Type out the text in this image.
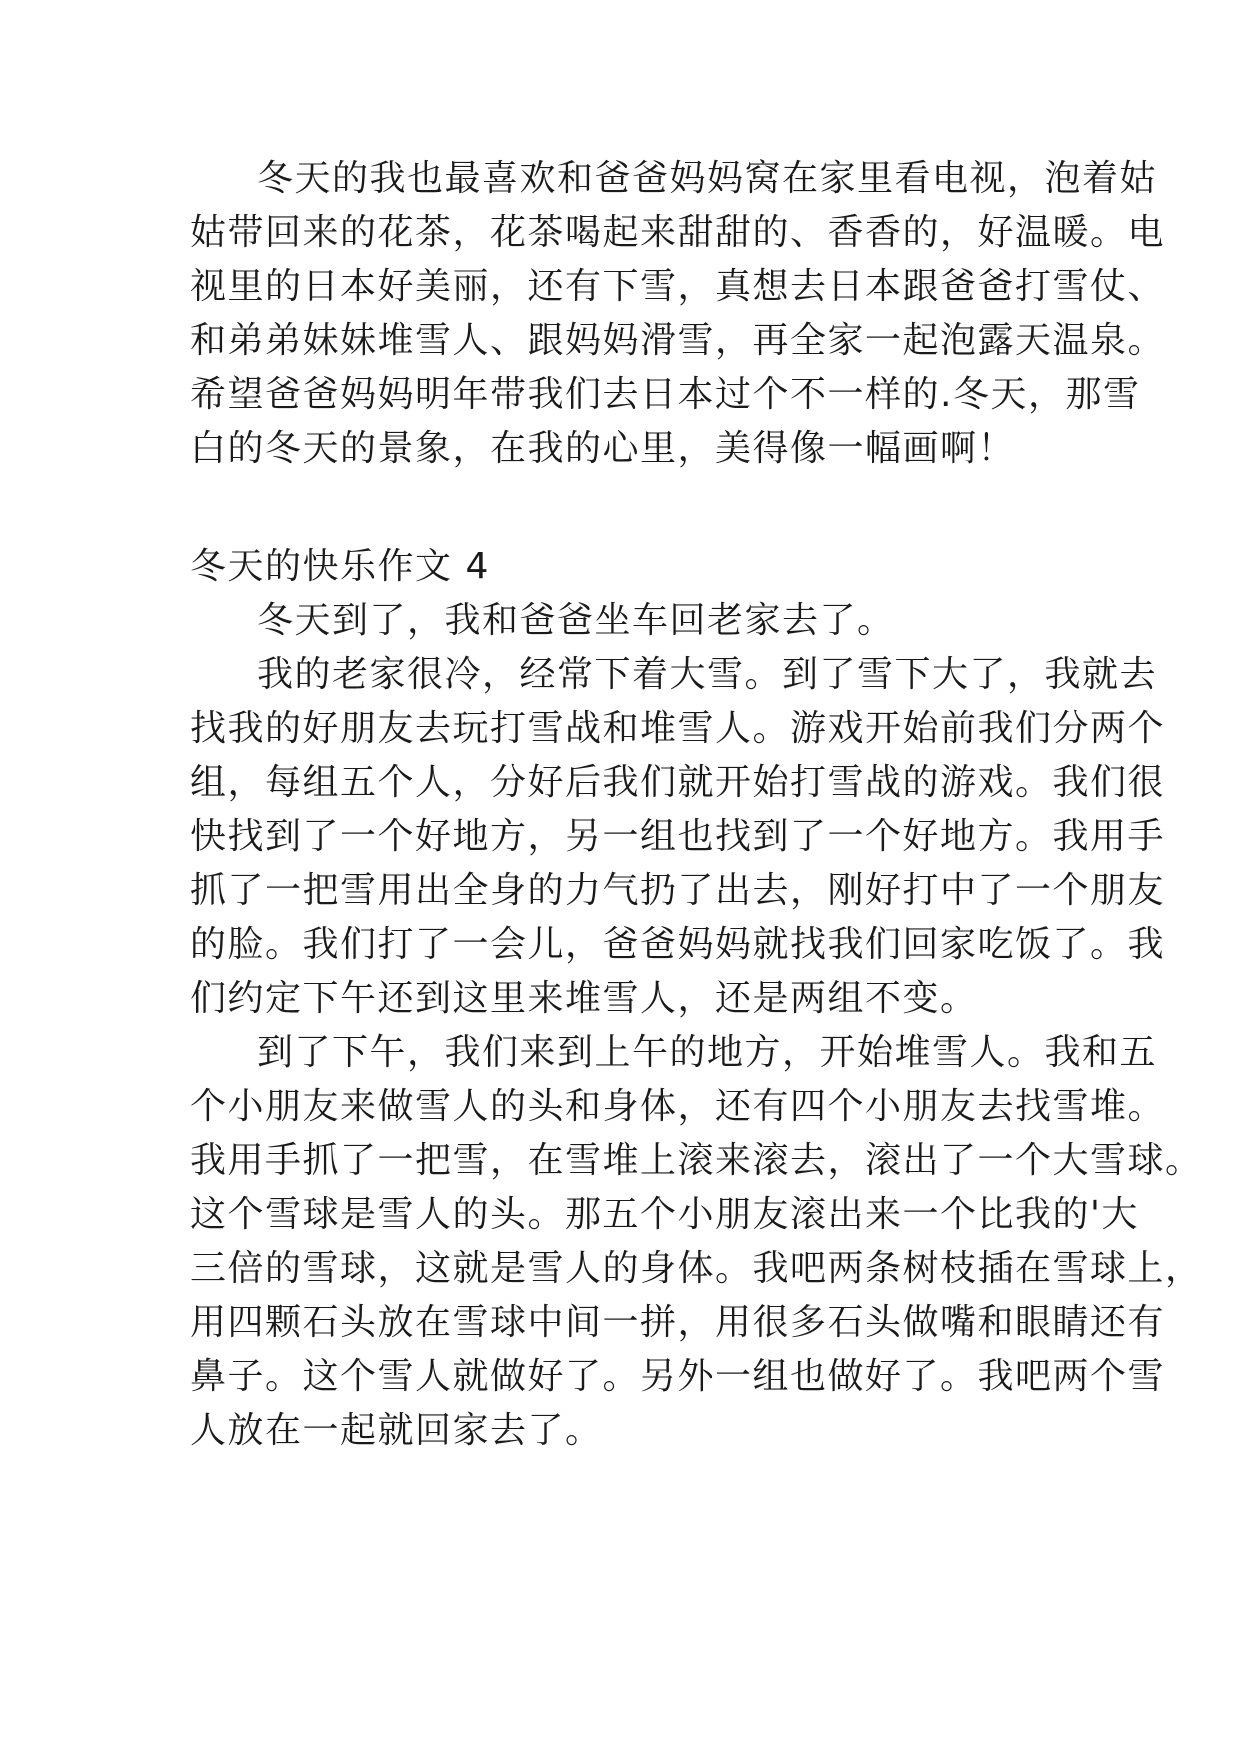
冬天的我也最喜欢和爸爸妈妈窝在家里看电视，泡着姑
姑带回来的花茶，花茶喝起来甜甜的、香香的，好温暖。电
视里的日本好美丽，还有下雪，真想去日本跟爸爸打雪仗、
和弟弟妹妹堆雪人、跟妈妈滑雪，再全家一起泡露天温泉。
希望爸爸妈妈明年带我们去日本过个不一样的.冬天，那雪
白的冬天的景象，在我的心里，美得像一幅画啊！
冬天的快乐作文 4
冬天到了，我和爸爸坐车回老家去了。
我的老家很冷，经常下着大雪。到了雪下大了，我就去
找我的好朋友去玩打雪战和堆雪人。游戏开始前我们分两个
组，每组五个人，分好后我们就开始打雪战的游戏。我们很
快找到了一个好地方，另一组也找到了一个好地方。我用手
抓了一把雪用出全身的力气扔了出去，刚好打中了一个朋友
的脸。我们打了一会儿，爸爸妈妈就找我们回家吃饭了。我
们约定下午还到这里来堆雪人，还是两组不变。
到了下午，我们来到上午的地方，开始堆雪人。我和五
个小朋友来做雪人的头和身体，还有四个小朋友去找雪堆。
我用手抓了一把雪，在雪堆上滚来滚去，滚出了一个大雪球。
这个雪球是雪人的头。那五个小朋友滚出来一个比我的'大
三倍的雪球，这就是雪人的身体。我吧两条树枝插在雪球上，
用四颗石头放在雪球中间一拼，用很多石头做嘴和眼睛还有
鼻子。这个雪人就做好了。另外一组也做好了。我吧两个雪
人放在一起就回家去了。
